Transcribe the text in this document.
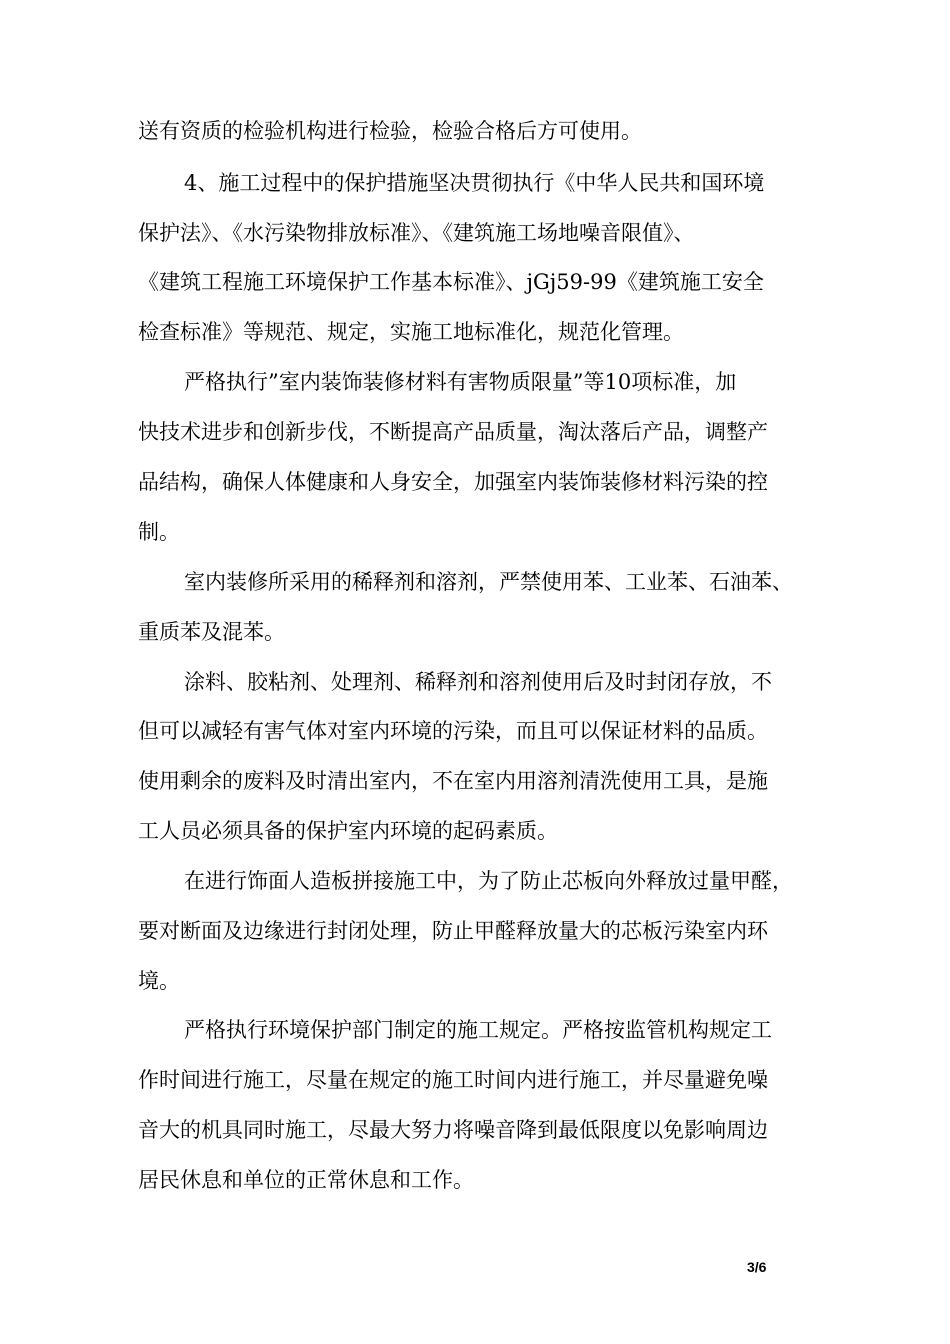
送有资质的检验机构进行检验，检验合格后方可使用。
4、施工过程中的保护措施坚决贯彻执行《中华人民共和国环境
保护法》、《水污染物排放标准》、《建筑施工场地噪音限值》、
《建筑工程施工环境保护工作基本标准》、jGj59-99《建筑施工安全
检查标准》等规范、规定，实施工地标准化，规范化管理。
严格执行”室内装饰装修材料有害物质限量”等10项标准，加
快技术进步和创新步伐，不断提高产品质量，淘汰落后产品，调整产
品结构，确保人体健康和人身安全，加强室内装饰装修材料污染的控
制。
室内装修所采用的稀释剂和溶剂，严禁使用苯、工业苯、石油苯、
重质苯及混苯。
涂料、胶粘剂、处理剂、稀释剂和溶剂使用后及时封闭存放，不
但可以减轻有害气体对室内环境的污染，而且可以保证材料的品质。
使用剩余的废料及时清出室内，不在室内用溶剂清洗使用工具，是施
工人员必须具备的保护室内环境的起码素质。
在进行饰面人造板拼接施工中，为了防止芯板向外释放过量甲醛，
要对断面及边缘进行封闭处理，防止甲醛释放量大的芯板污染室内环
境。
严格执行环境保护部门制定的施工规定。严格按监管机构规定工
作时间进行施工，尽量在规定的施工时间内进行施工，并尽量避免噪
音大的机具同时施工，尽最大努力将噪音降到最低限度以免影响周边
居民休息和单位的正常休息和工作。
3/6
